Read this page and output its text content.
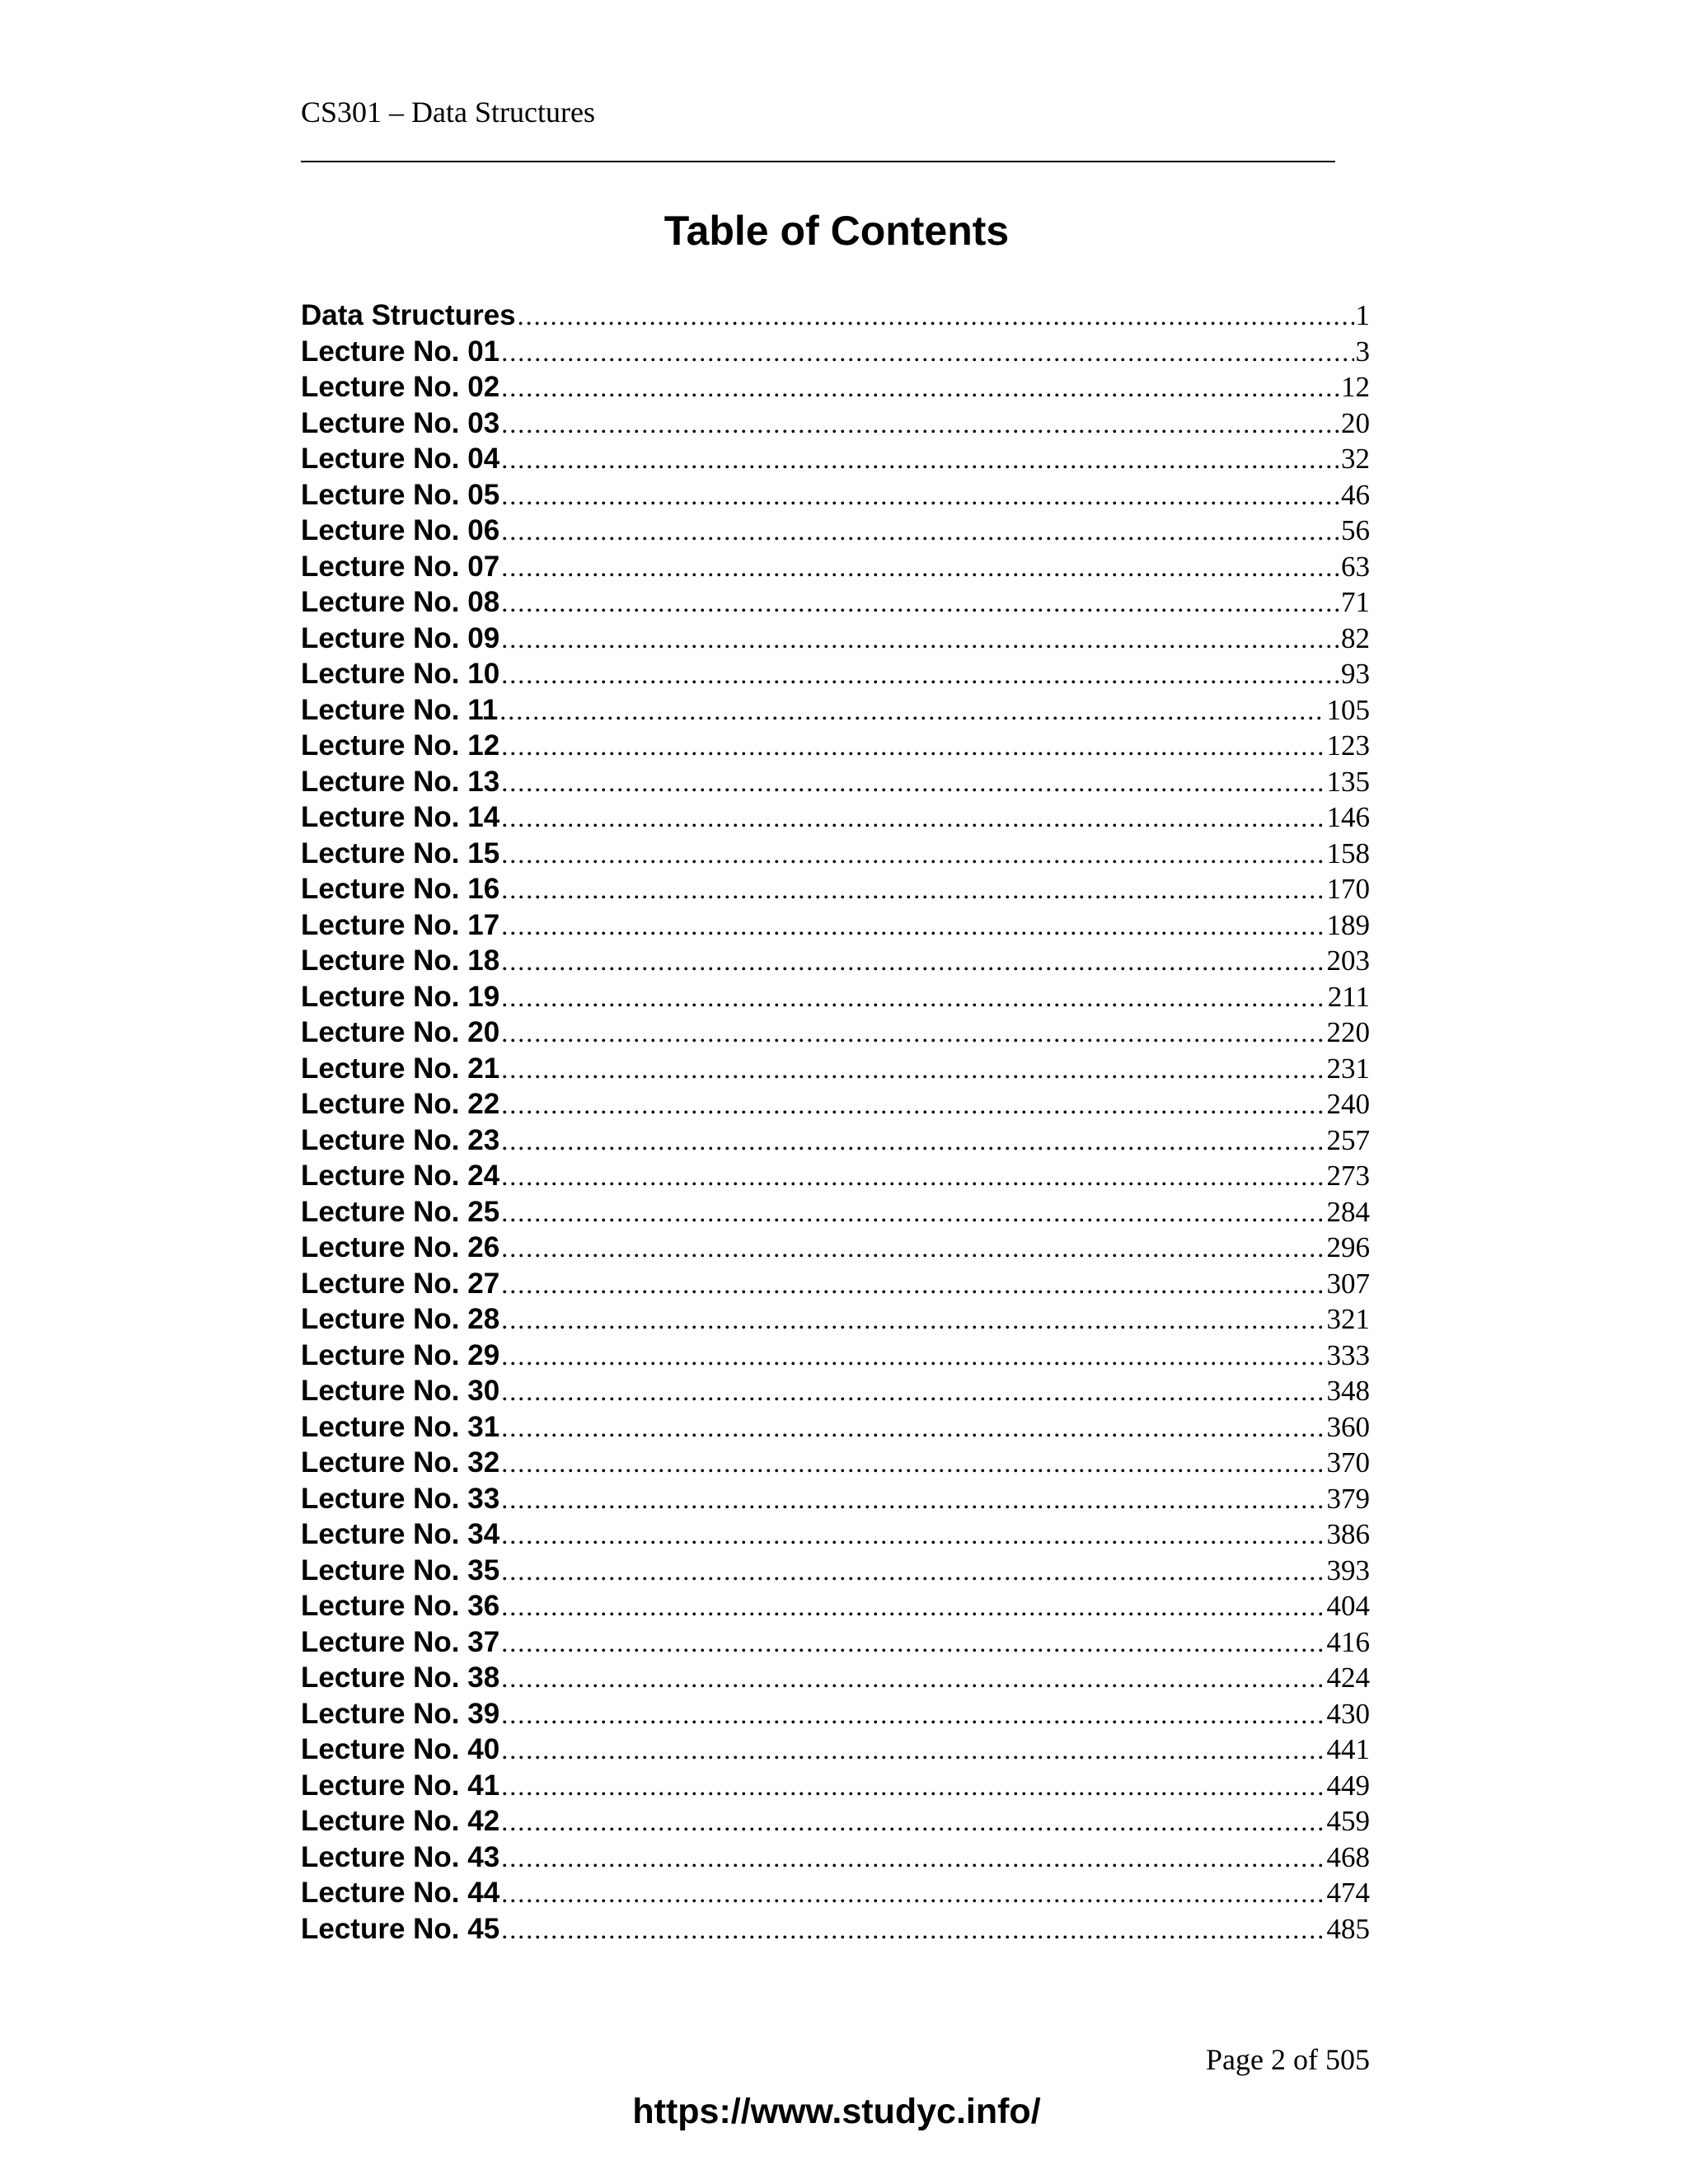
CS301 – Data Structures
Table of Contents
Data Structures .....	1
Lecture No. 01 .....	3
Lecture No. 02 .....	12
Lecture No. 03 .....	20
Lecture No. 04 .....	32
Lecture No. 05 .....	46
Lecture No. 06 .....	56
Lecture No. 07 .....	63
Lecture No. 08 .....	71
Lecture No. 09 .....	82
Lecture No. 10 .....	93
Lecture No. 11 .....	105
Lecture No. 12 .....	123
Lecture No. 13 .....	135
Lecture No. 14 .....	146
Lecture No. 15 .....	158
Lecture No. 16 .....	170
Lecture No. 17 .....	189
Lecture No. 18 .....	203
Lecture No. 19 .....	211
Lecture No. 20 .....	220
Lecture No. 21 .....	231
Lecture No. 22 .....	240
Lecture No. 23 .....	257
Lecture No. 24 .....	273
Lecture No. 25 .....	284
Lecture No. 26 .....	296
Lecture No. 27 .....	307
Lecture No. 28 .....	321
Lecture No. 29 .....	333
Lecture No. 30 .....	348
Lecture No. 31 .....	360
Lecture No. 32 .....	370
Lecture No. 33 .....	379
Lecture No. 34 .....	386
Lecture No. 35 .....	393
Lecture No. 36 .....	404
Lecture No. 37 .....	416
Lecture No. 38 .....	424
Lecture No. 39 .....	430
Lecture No. 40 .....	441
Lecture No. 41 .....	449
Lecture No. 42 .....	459
Lecture No. 43 .....	468
Lecture No. 44 .....	474
Lecture No. 45 .....	485
Page 2 of 505
https://www.studyc.info/
